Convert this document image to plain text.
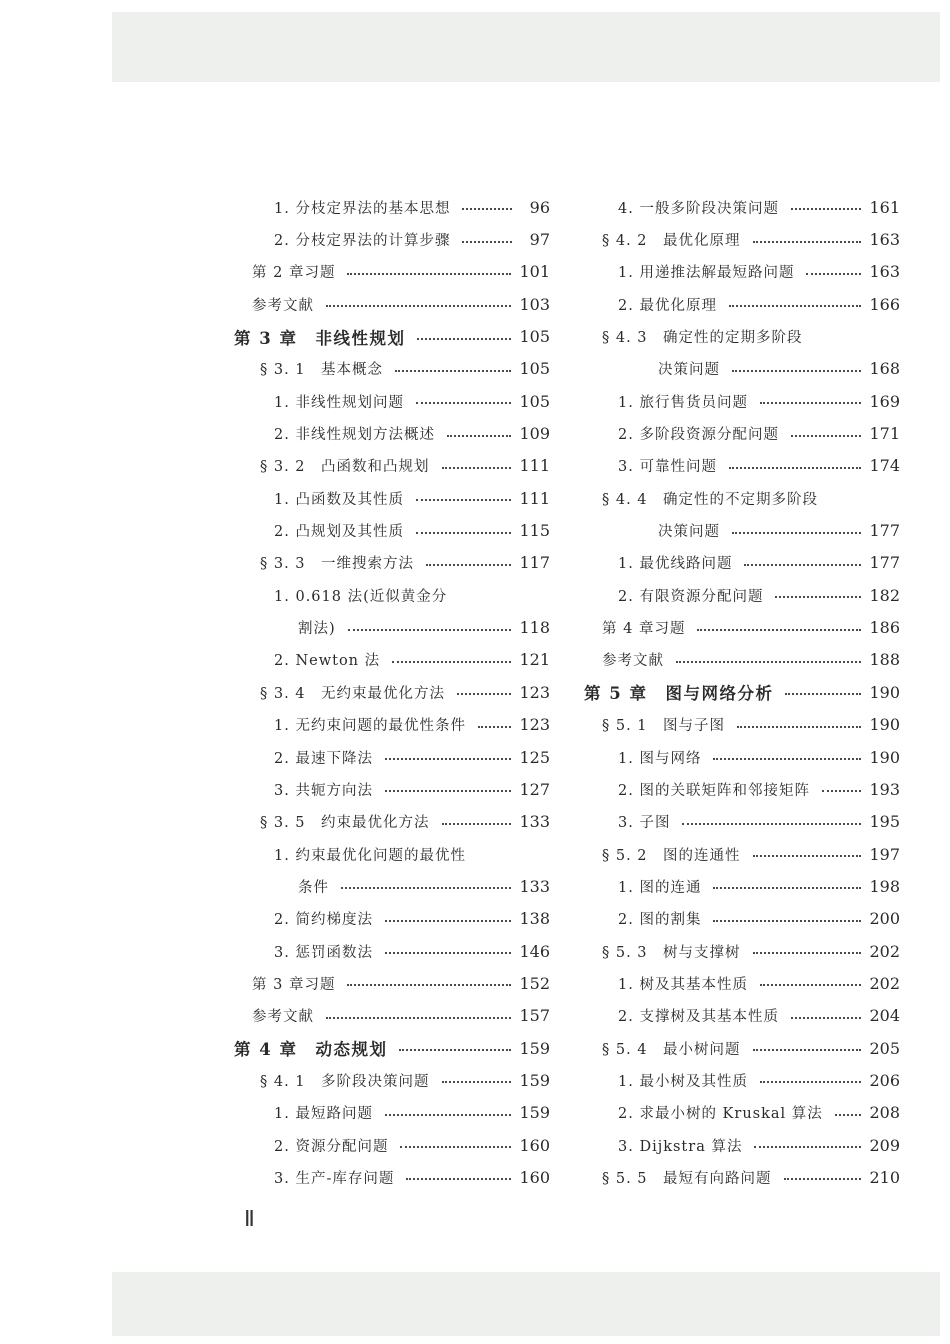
1. 分枝定界法的基本思想	96
2. 分枝定界法的计算步骤	97
第 2 章习题	101
参考文献	103
第 3 章　非线性规划	105
§ 3. 1　基本概念	105
1. 非线性规划问题	105
2. 非线性规划方法概述	109
§ 3. 2　凸函数和凸规划	111
1. 凸函数及其性质	111
2. 凸规划及其性质	115
§ 3. 3　一维搜索方法	117
1. 0.618 法(近似黄金分
割法)	118
2. Newton 法	121
§ 3. 4　无约束最优化方法	123
1. 无约束问题的最优性条件	123
2. 最速下降法	125
3. 共轭方向法	127
§ 3. 5　约束最优化方法	133
1. 约束最优化问题的最优性
条件	133
2. 简约梯度法	138
3. 惩罚函数法	146
第 3 章习题	152
参考文献	157
第 4 章　动态规划	159
§ 4. 1　多阶段决策问题	159
1. 最短路问题	159
2. 资源分配问题	160
3. 生产-库存问题	160
4. 一般多阶段决策问题	161
§ 4. 2　最优化原理	163
1. 用递推法解最短路问题	163
2. 最优化原理	166
§ 4. 3　确定性的定期多阶段
决策问题	168
1. 旅行售货员问题	169
2. 多阶段资源分配问题	171
3. 可靠性问题	174
§ 4. 4　确定性的不定期多阶段
决策问题	177
1. 最优线路问题	177
2. 有限资源分配问题	182
第 4 章习题	186
参考文献	188
第 5 章　图与网络分析	190
§ 5. 1　图与子图	190
1. 图与网络	190
2. 图的关联矩阵和邻接矩阵	193
3. 子图	195
§ 5. 2　图的连通性	197
1. 图的连通	198
2. 图的割集	200
§ 5. 3　树与支撑树	202
1. 树及其基本性质	202
2. 支撑树及其基本性质	204
§ 5. 4　最小树问题	205
1. 最小树及其性质	206
2. 求最小树的 Kruskal 算法	208
3. Dijkstra 算法	209
§ 5. 5　最短有向路问题	210
Ⅱ
